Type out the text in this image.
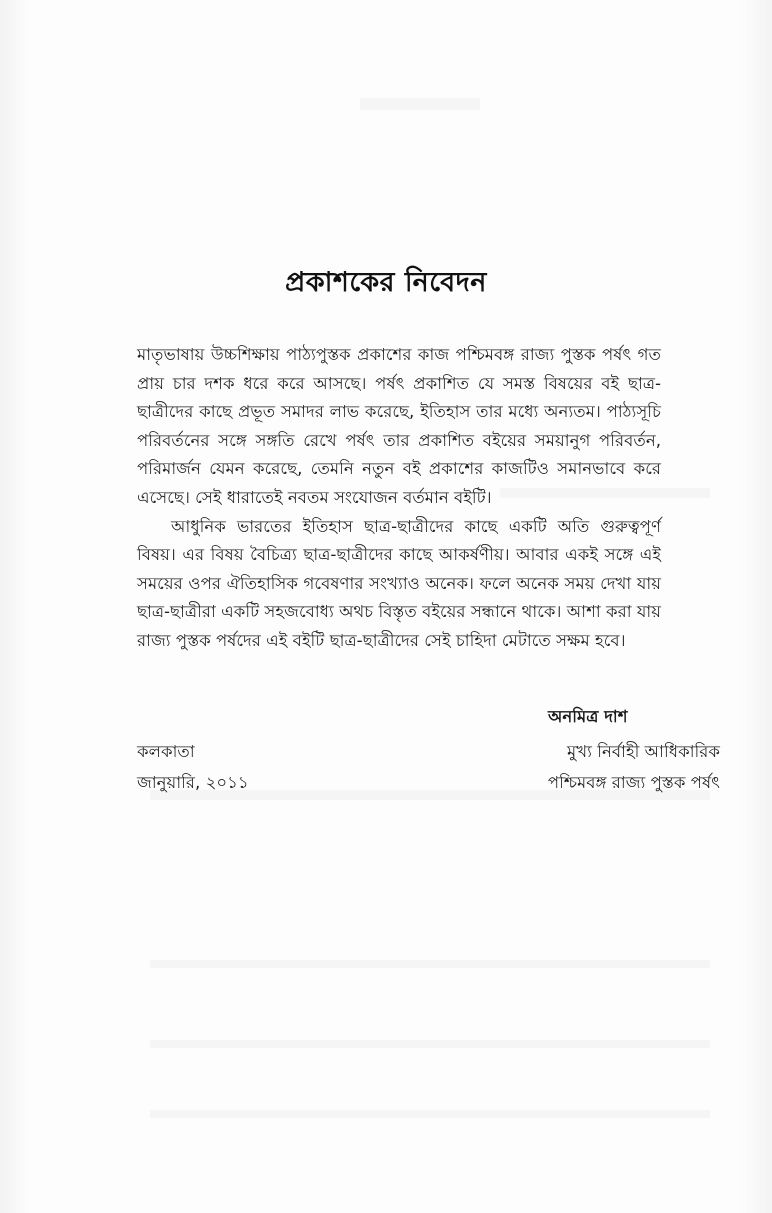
প্রকাশকের নিবেদন

মাতৃভাষায় উচ্চশিক্ষায় পাঠ্যপুস্তক প্রকাশের কাজ পশ্চিমবঙ্গ রাজ্য পুস্তক পর্ষৎ গত প্রায় চার দশক ধরে করে আসছে। পর্ষৎ প্রকাশিত যে সমস্ত বিষয়ের বই ছাত্র-ছাত্রীদের কাছে প্রভূত সমাদর লাভ করেছে, ইতিহাস তার মধ্যে অন্যতম। পাঠ্যসূচি পরিবর্তনের সঙ্গে সঙ্গতি রেখে পর্ষৎ তার প্রকাশিত বইয়ের সময়ানুগ পরিবর্তন, পরিমার্জন যেমন করেছে, তেমনি নতুন বই প্রকাশের কাজটিও সমানভাবে করে এসেছে। সেই ধারাতেই নবতম সংযোজন বর্তমান বইটি।

আধুনিক ভারতের ইতিহাস ছাত্র-ছাত্রীদের কাছে একটি অতি গুরুত্বপূর্ণ বিষয়। এর বিষয় বৈচিত্র্য ছাত্র-ছাত্রীদের কাছে আকর্ষণীয়। আবার একই সঙ্গে এই সময়ের ওপর ঐতিহাসিক গবেষণার সংখ্যাও অনেক। ফলে অনেক সময় দেখা যায় ছাত্র-ছাত্রীরা একটি সহজবোধ্য অথচ বিস্তৃত বইয়ের সন্ধানে থাকে। আশা করা যায় রাজ্য পুস্তক পর্ষদের এই বইটি ছাত্র-ছাত্রীদের সেই চাহিদা মেটাতে সক্ষম হবে।

অনমিত্র দাশ
মুখ্য নির্বাহী আধিকারিক
পশ্চিমবঙ্গ রাজ্য পুস্তক পর্ষৎ
কলকাতা
জানুয়ারি, ২০১১
